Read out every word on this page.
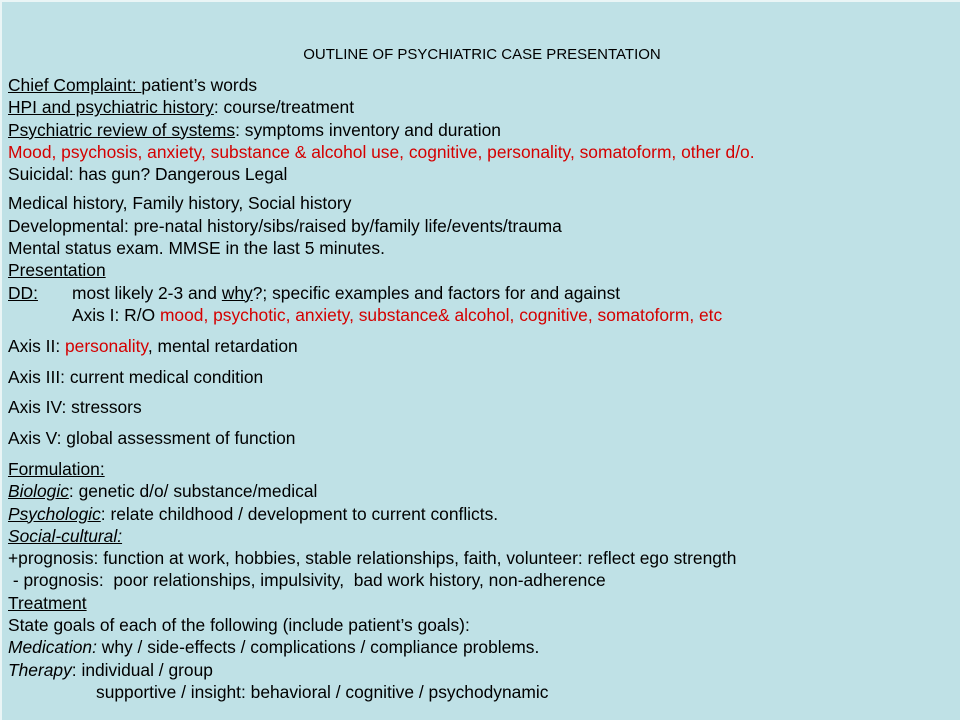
OUTLINE OF PSYCHIATRIC CASE PRESENTATION
Chief Complaint: patient’s words
HPI and psychiatric history: course/treatment
Psychiatric review of systems: symptoms inventory and duration
Mood, psychosis, anxiety, substance & alcohol use, cognitive, personality, somatoform, other d/o.
Suicidal: has gun? Dangerous Legal
Medical history, Family history, Social history
Developmental: pre-natal history/sibs/raised by/family life/events/trauma
Mental status exam. MMSE in the last 5 minutes.
Presentation
DD: most likely 2-3 and why?; specific examples and factors for and against
Axis I: R/O mood, psychotic, anxiety, substance& alcohol, cognitive, somatoform, etc
Axis II: personality, mental retardation
Axis III: current medical condition
Axis IV: stressors
Axis V: global assessment of function
Formulation:
Biologic: genetic d/o/ substance/medical
Psychologic: relate childhood / development to current conflicts.
Social-cultural:
+prognosis: function at work, hobbies, stable relationships, faith, volunteer: reflect ego strength
- prognosis:  poor relationships, impulsivity,  bad work history, non-adherence
Treatment
State goals of each of the following (include patient’s goals):
Medication: why / side-effects / complications / compliance problems.
Therapy: individual / group
supportive / insight: behavioral / cognitive / psychodynamic
